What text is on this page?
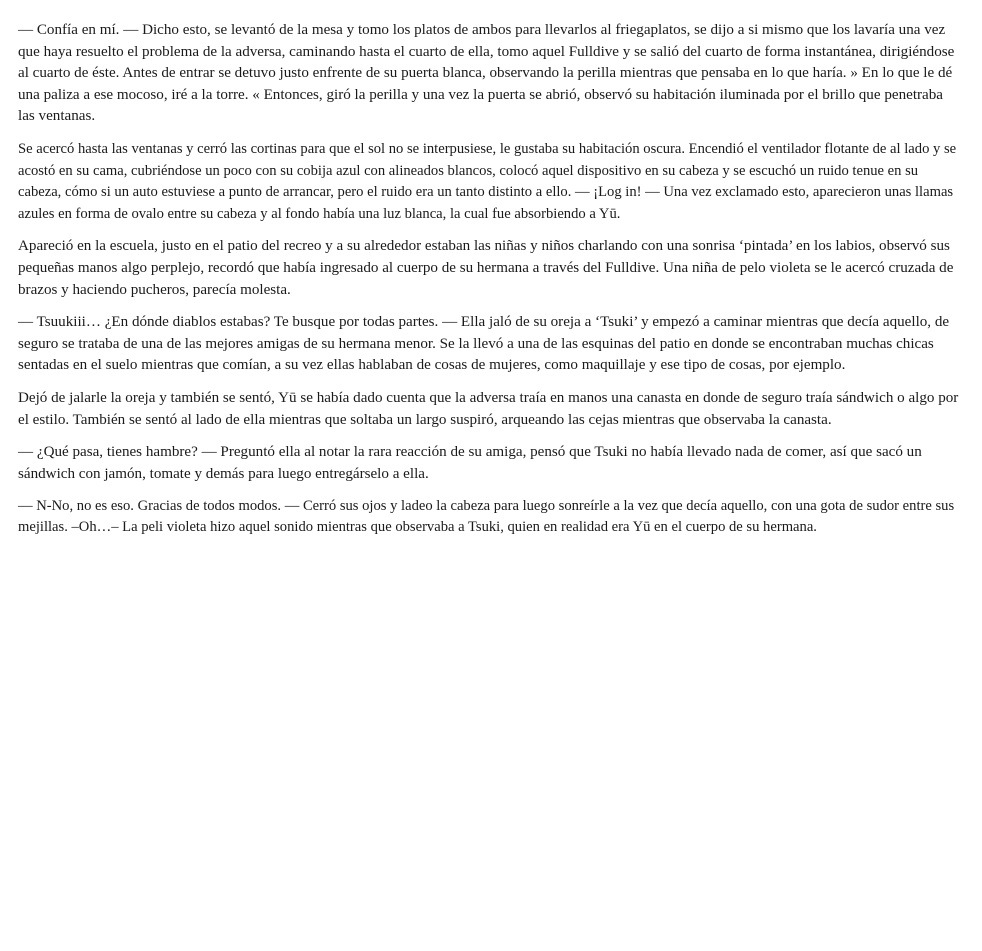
— Confía en mí. — Dicho esto, se levantó de la mesa y tomo los platos de ambos para llevarlos al friegaplatos, se dijo a si mismo que los lavaría una vez que haya resuelto el problema de la adversa, caminando hasta el cuarto de ella, tomo aquel Fulldive y se salió del cuarto de forma instantánea, dirigiéndose al cuarto de éste. Antes de entrar se detuvo justo enfrente de su puerta blanca, observando la perilla mientras que pensaba en lo que haría. » En lo que le dé una paliza a ese mocoso, iré a la torre. « Entonces, giró la perilla y una vez la puerta se abrió, observó su habitación iluminada por el brillo que penetraba las ventanas.

Se acercó hasta las ventanas y cerró las cortinas para que el sol no se interpusiese, le gustaba su habitación oscura. Encendió el ventilador flotante de al lado y se acostó en su cama, cubriéndose un poco con su cobija azul con alineados blancos, colocó aquel dispositivo en su cabeza y se escuchó un ruido tenue en su cabeza, cómo si un auto estuviese a punto de arrancar, pero el ruido era un tanto distinto a ello. — ¡Log in! — Una vez exclamado esto, aparecieron unas llamas azules en forma de ovalo entre su cabeza y al fondo había una luz blanca, la cual fue absorbiendo a Yū.

Apareció en la escuela, justo en el patio del recreo y a su alrededor estaban las niñas y niños charlando con una sonrisa ‘pintada’ en los labios, observó sus pequeñas manos algo perplejo, recordó que había ingresado al cuerpo de su hermana a través del Fulldive. Una niña de pelo violeta se le acercó cruzada de brazos y haciendo pucheros, parecía molesta.

— Tsuukiii… ¿En dónde diablos estabas? Te busque por todas partes. — Ella jaló de su oreja a ‘Tsuki’ y empezó a caminar mientras que decía aquello, de seguro se trataba de una de las mejores amigas de su hermana menor. Se la llevó a una de las esquinas del patio en donde se encontraban muchas chicas sentadas en el suelo mientras que comían, a su vez ellas hablaban de cosas de mujeres, como maquillaje y ese tipo de cosas, por ejemplo.

Dejó de jalarle la oreja y también se sentó, Yū se había dado cuenta que la adversa traía en manos una canasta en donde de seguro traía sándwich o algo por el estilo. También se sentó al lado de ella mientras que soltaba un largo suspiró, arqueando las cejas mientras que observaba la canasta.

— ¿Qué pasa, tienes hambre? — Preguntó ella al notar la rara reacción de su amiga, pensó que Tsuki no había llevado nada de comer, así que sacó un sándwich con jamón, tomate y demás para luego entregárselo a ella.

— N-No, no es eso. Gracias de todos modos. — Cerró sus ojos y ladeo la cabeza para luego sonreírle a la vez que decía aquello, con una gota de sudor entre sus mejillas. –Oh…– La peli violeta hizo aquel sonido mientras que observaba a Tsuki, quien en realidad era Yū en el cuerpo de su hermana.
